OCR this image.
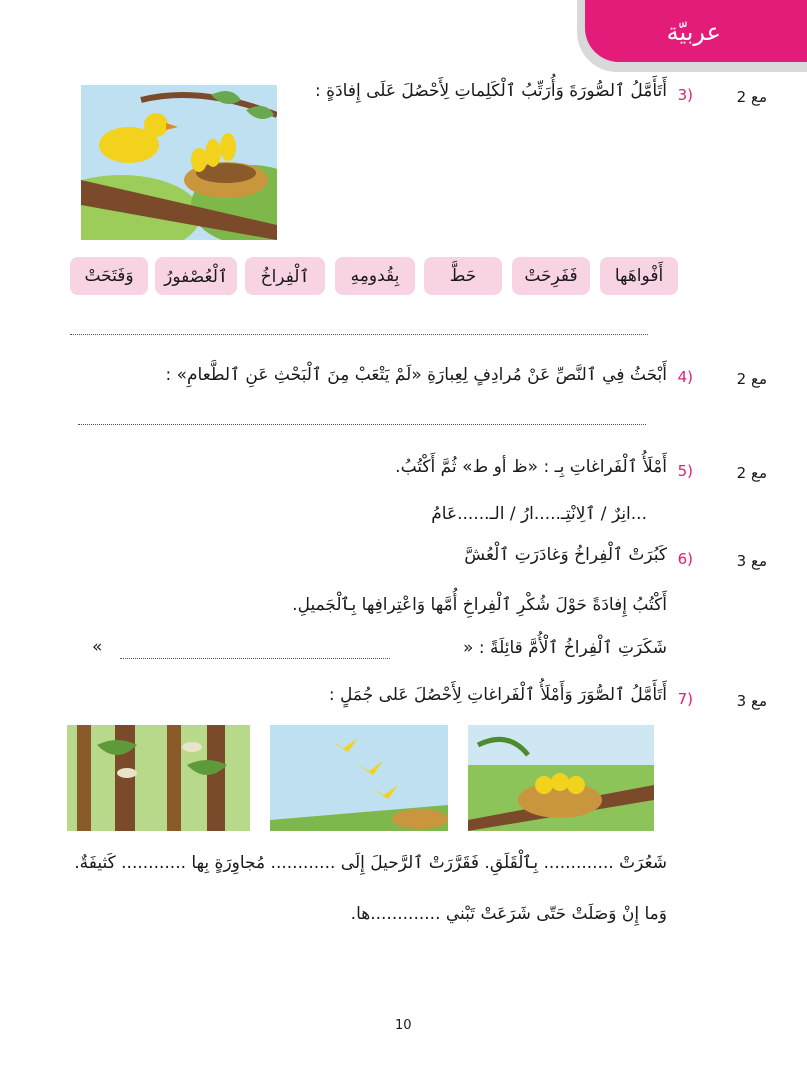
عربيّة
مع 2
3)
أَتَأَمَّلُ ٱلصُّورَةَ وَأُرَتِّبُ ٱلْكَلِماتِ لِأَحْصُلَ عَلَى إِفادَةٍ :
أَفْواهَها
فَفَرِحَتْ
حَطَّ
بِقُدومِهِ
ٱلْفِراخُ
ٱلْعُصْفورُ
وَفَتَحَتْ
مع 2
4)
أَبْحَثُ فِي ٱلنَّصِّ عَنْ مُرادِفٍ لِعِبارَةِ «لَمْ يَتْعَبْ مِنَ ٱلْبَحْثِ عَنِ ٱلطَّعامِ» :
مع 2
5)
أَمْلَأُ ٱلْفَراغاتِ بِـ : «ظ أو ط» ثُمَّ أَكْتُبُ.
...انِرٌ / ٱلِانْتِـ.....ارُ / الـ......عَامُ
مع 3
6)
كَبُرَتْ ٱلْفِراخُ وَغادَرَتِ ٱلْعُشَّ
أَكْتُبُ إِفادَةً حَوْلَ شُكْرِ ٱلْفِراخِ أُمَّها وَاعْتِرافِها بِٱلْجَميلِ.
شَكَرَتِ ٱلْفِراخُ ٱلْأُمَّ قائِلَةً : «
»
مع 3
7)
أَتَأَمَّلُ ٱلصُّوَرَ وَأَمْلَأُ ٱلْفَراغاتِ لِأَحْصُلَ عَلى جُمَلٍ :
شَعُرَتْ ............. بِٱلْقَلَقِ. فَقَرَّرَتْ ٱلرَّحيلَ إِلَى ............ مُجاوِرَةٍ بِها ............ كَثيفَةٌ.
وَما إِنْ وَصَلَتْ حَتّى شَرَعَتْ تَبْني .............ها.
10
